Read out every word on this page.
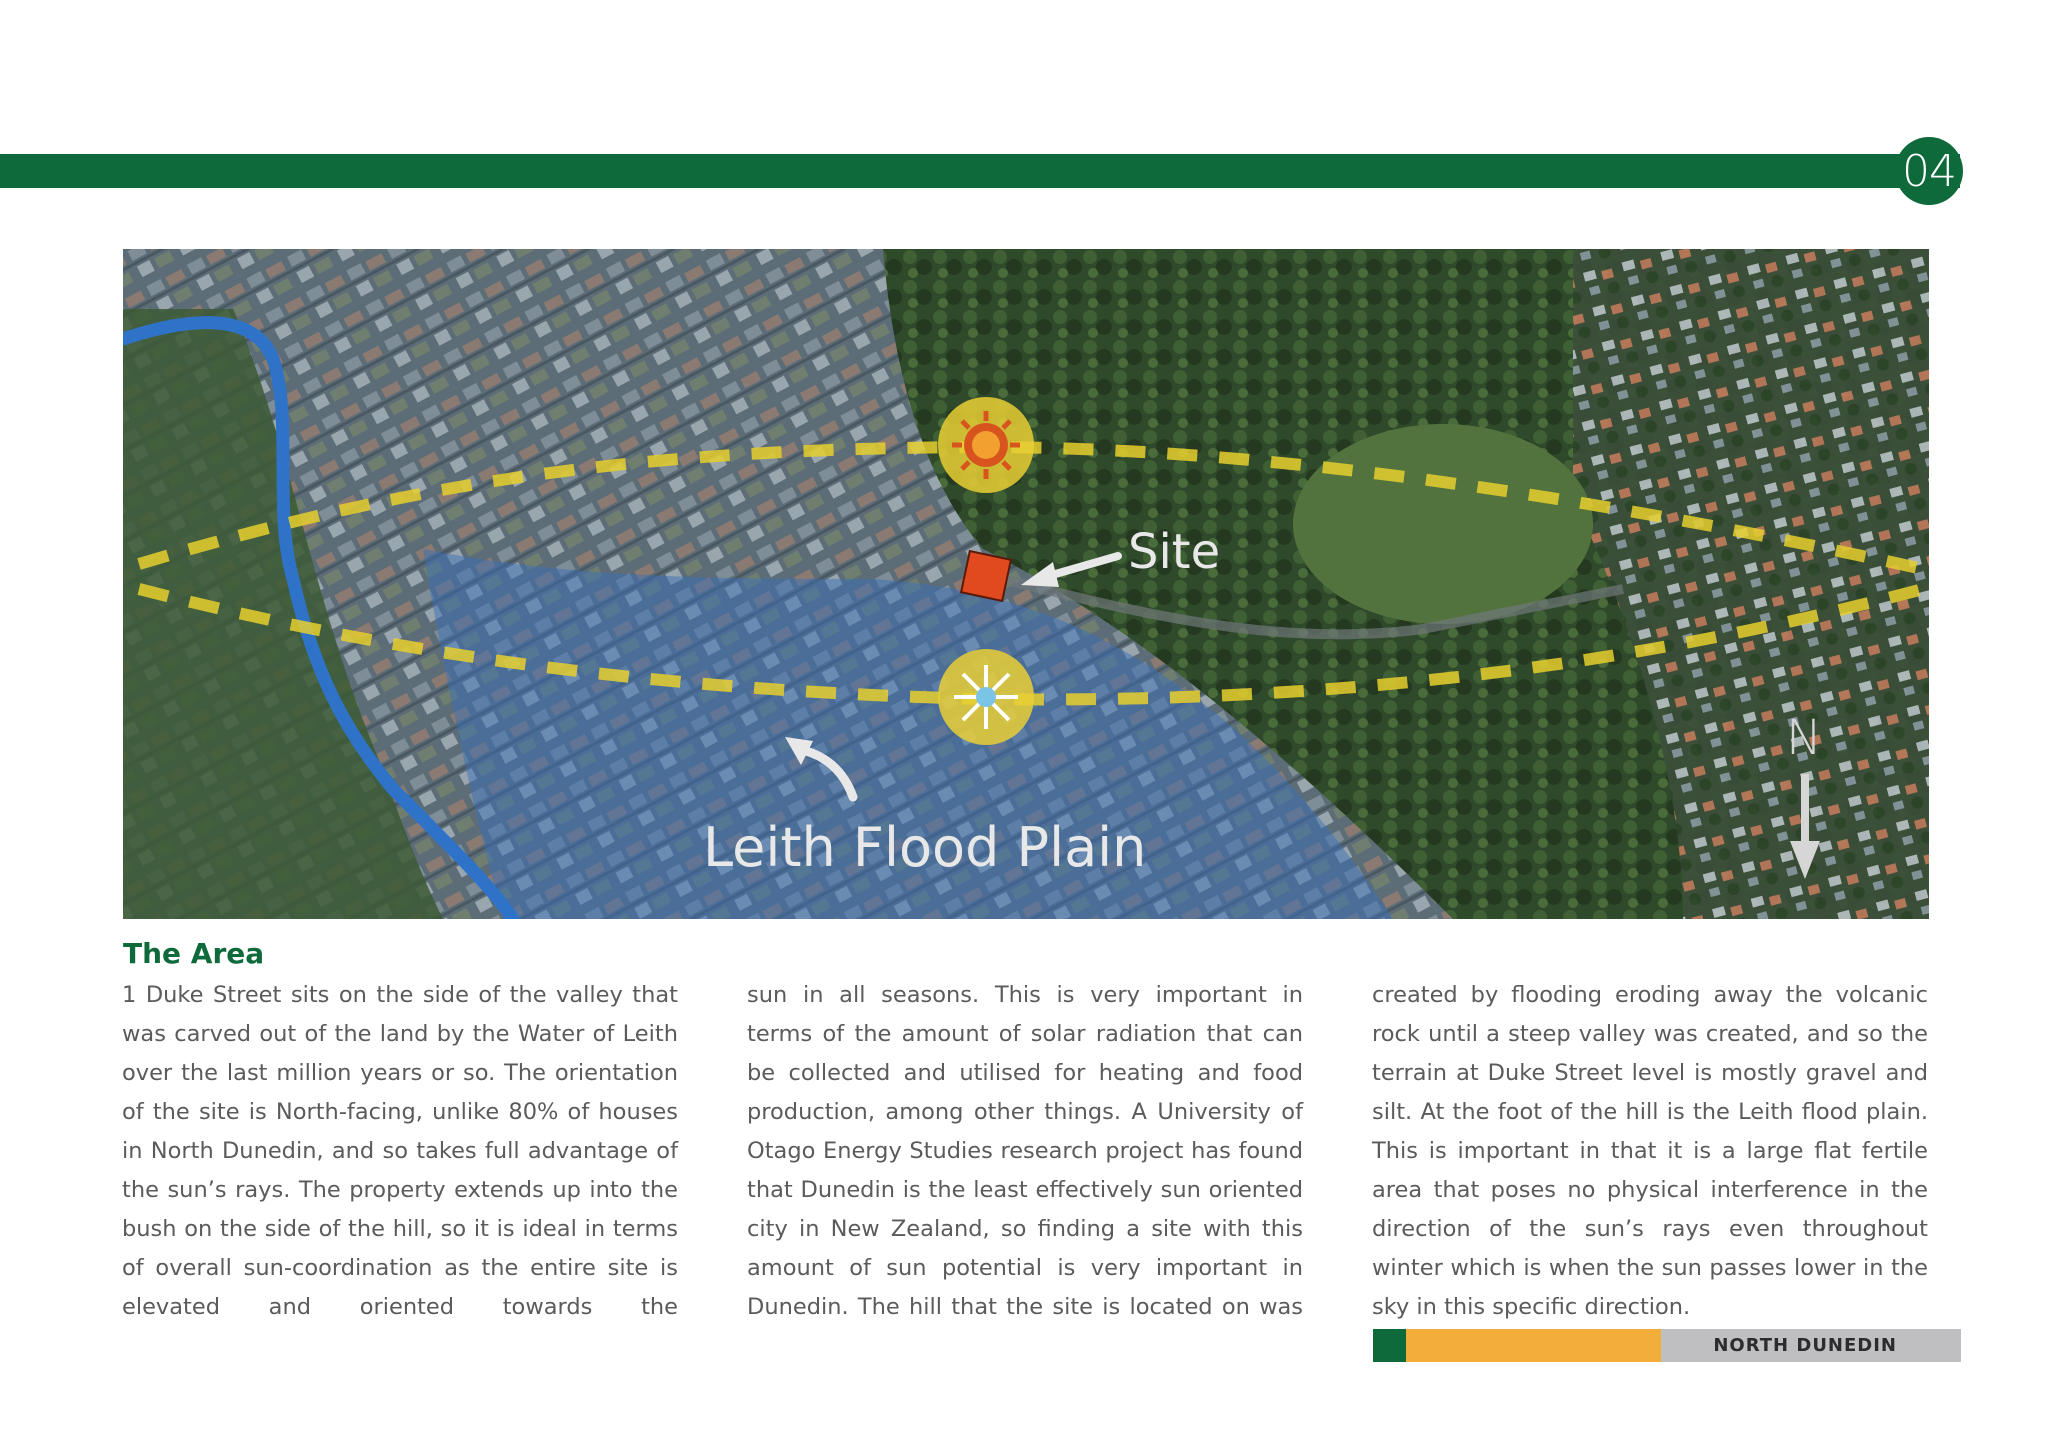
04
Site
Leith Flood Plain
N
The Area
1 Duke Street sits on the side of the valley that was carved out of the land by the Water of Leith over the last million years or so. The orientation of the site is North-facing, unlike 80% of houses in North Dunedin, and so takes full advantage of the sun’s rays. The property extends up into the bush on the side of the hill, so it is ideal in terms of overall sun-coordination as the entire site is elevated and oriented towards the
sun in all seasons. This is very important in terms of the amount of solar radiation that can be collected and utilised for heating and food production, among other things. A University of Otago Energy Studies research project has found that Dunedin is the least effectively sun oriented city in New Zealand, so finding a site with this amount of sun potential is very important in Dunedin. The hill that the site is located on was
created by flooding eroding away the volcanic rock until a steep valley was created, and so the terrain at Duke Street level is mostly gravel and silt. At the foot of the hill is the Leith flood plain. This is important in that it is a large flat fertile area that poses no physical interference in the direction of the sun’s rays even throughout winter which is when the sun passes lower in the sky in this specific direction.
NORTH DUNEDIN
